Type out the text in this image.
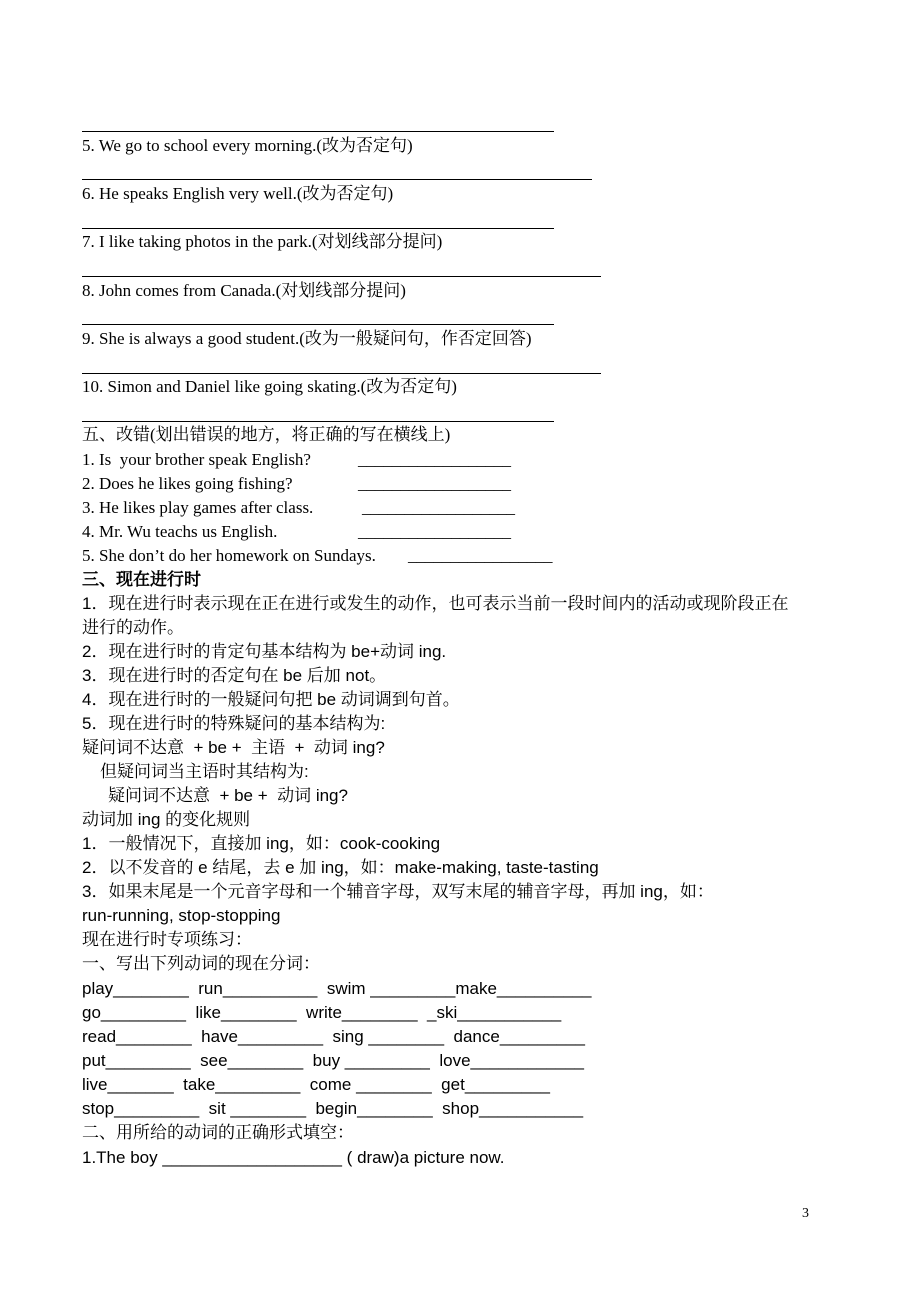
5. We go to school every morning.(改为否定句)
6. He speaks English very well.(改为否定句)
7. I like taking photos in the park.(对划线部分提问)
8. John comes from Canada.(对划线部分提问)
9. She is always a good student.(改为一般疑问句，作否定回答)
10. Simon and Daniel like going skating.(改为否定句)
五、改错(划出错误的地方，将正确的写在横线上)
1. Is  your brother speak English?	__________________
2. Does he likes going fishing?	__________________
3. He likes play games after class.	__________________
4. Mr. Wu teachs us English.	__________________
5. She don’t do her homework on Sundays. _________________
三、现在进行时
1．现在进行时表示现在正在进行或发生的动作，也可表示当前一段时间内的活动或现阶段正在
进行的动作。
2．现在进行时的肯定句基本结构为 be+动词 ing.
3．现在进行时的否定句在 be 后加 not。
4．现在进行时的一般疑问句把 be 动词调到句首。
5．现在进行时的特殊疑问的基本结构为:
疑问词不达意  + be +  主语  +  动词 ing?
但疑问词当主语时其结构为:
疑问词不达意  + be +  动词 ing?
动词加 ing 的变化规则
1．一般情况下，直接加 ing，如：cook-cooking
2．以不发音的 e 结尾，去 e 加 ing，如：make-making, taste-tasting
3．如果末尾是一个元音字母和一个辅音字母，双写末尾的辅音字母，再加 ing，如：
run-running, stop-stopping
现在进行时专项练习：
一、写出下列动词的现在分词：
play________  run__________  swim _________make__________
go_________  like________  write________  _ski___________
read________  have_________  sing ________  dance_________
put_________  see________  buy _________  love____________
live_______  take_________  come ________  get_________
stop_________  sit ________  begin________  shop___________
二、用所给的动词的正确形式填空：
1.The boy ___________________ ( draw)a picture now.
3
